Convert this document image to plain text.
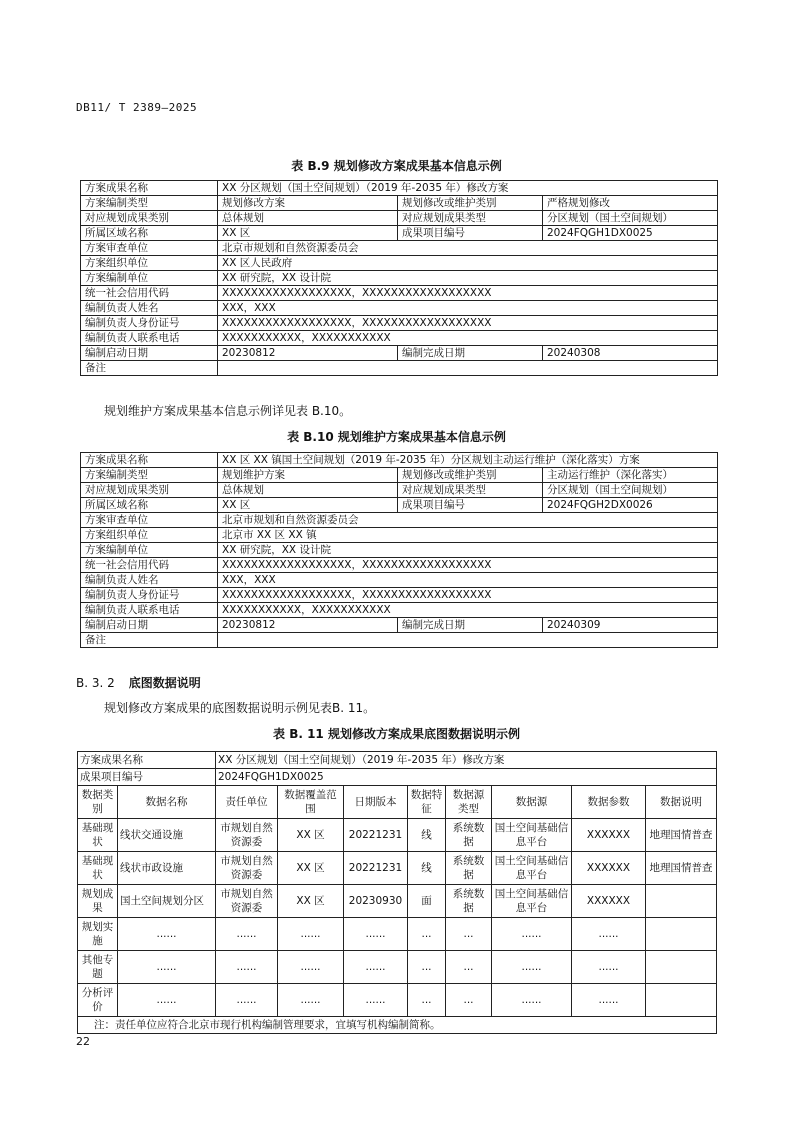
DB11/ T 2389—2025
表 B.9 规划修改方案成果基本信息示例
方案成果名称	XX 分区规划（国土空间规划）（2019 年-2035 年）修改方案		
方案编制类型	规划修改方案	规划修改或维护类别	严格规划修改
对应规划成果类别	总体规划	对应规划成果类型	分区规划（国土空间规划）
所属区域名称	XX 区	成果项目编号	2024FQGH1DX0025
方案审查单位	北京市规划和自然资源委员会		
方案组织单位	XX 区人民政府		
方案编制单位	XX 研究院，XX 设计院		
统一社会信用代码	XXXXXXXXXXXXXXXXXX，XXXXXXXXXXXXXXXXXX		
编制负责人姓名	XXX，XXX		
编制负责人身份证号	XXXXXXXXXXXXXXXXXX，XXXXXXXXXXXXXXXXXX		
编制负责人联系电话	XXXXXXXXXXX，XXXXXXXXXXX		
编制启动日期	20230812	编制完成日期	20240308
备注			
规划维护方案成果基本信息示例详见表 B.10。
表 B.10 规划维护方案成果基本信息示例
方案成果名称	XX 区 XX 镇国土空间规划（2019 年-2035 年）分区规划主动运行维护（深化落实）方案		
方案编制类型	规划维护方案	规划修改或维护类别	主动运行维护（深化落实）
对应规划成果类别	总体规划	对应规划成果类型	分区规划（国土空间规划）
所属区域名称	XX 区	成果项目编号	2024FQGH2DX0026
方案审查单位	北京市规划和自然资源委员会		
方案组织单位	北京市 XX 区 XX 镇		
方案编制单位	XX 研究院，XX 设计院		
统一社会信用代码	XXXXXXXXXXXXXXXXXX，XXXXXXXXXXXXXXXXXX		
编制负责人姓名	XXX，XXX		
编制负责人身份证号	XXXXXXXXXXXXXXXXXX，XXXXXXXXXXXXXXXXXX		
编制负责人联系电话	XXXXXXXXXXX，XXXXXXXXXXX		
编制启动日期	20230812	编制完成日期	20240309
备注			
B. 3. 2 底图数据说明
规划修改方案成果的底图数据说明示例见表B. 11。
表 B. 11 规划修改方案成果底图数据说明示例
方案成果名称		XX 分区规划（国土空间规划）（2019 年-2035 年）修改方案							
成果项目编号		2024FQGH1DX0025							
数据类别	数据名称	责任单位	数据覆盖范围	日期版本	数据特征	数据源类型	数据源	数据参数	数据说明
基础现状	线状交通设施	市规划自然资源委	XX 区	20221231	线	系统数据	国土空间基础信息平台	XXXXXX	地理国情普查
基础现状	线状市政设施	市规划自然资源委	XX 区	20221231	线	系统数据	国土空间基础信息平台	XXXXXX	地理国情普查
规划成果	国土空间规划分区	市规划自然资源委	XX 区	20230930	面	系统数据	国土空间基础信息平台	XXXXXX	
规划实施	......	......	......	......	...	...	......	......	
其他专题	......	......	......	......	...	...	......	......	
分析评价	......	......	......	......	...	...	......	......	
注：责任单位应符合北京市现行机构编制管理要求，宜填写机构编制简称。									
22
